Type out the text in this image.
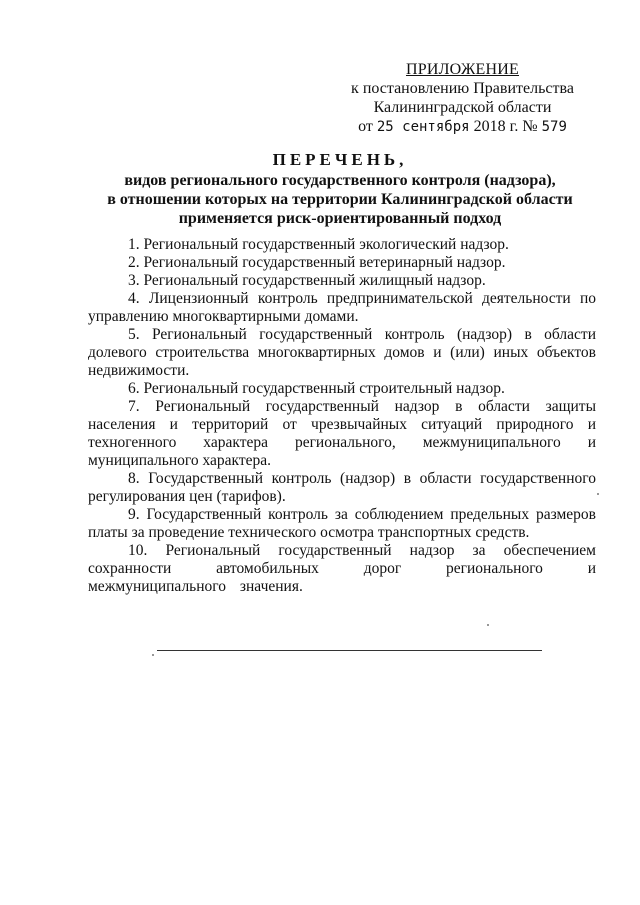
ПРИЛОЖЕНИЕ
к постановлению Правительства
Калининградской области
от 25 сентября 2018 г. № 579
ПЕРЕЧЕНЬ,
видов регионального государственного контроля (надзора),
в отношении которых на территории Калининградской области
применяется риск-ориентированный подход
1. Региональный государственный экологический надзор.
2. Региональный государственный ветеринарный надзор.
3. Региональный государственный жилищный надзор.
4. Лицензионный контроль предпринимательской деятельности по управлению многоквартирными домами.
5. Региональный государственный контроль (надзор) в области долевого строительства многоквартирных домов и (или) иных объектов недвижимости.
6. Региональный государственный строительный надзор.
7. Региональный государственный надзор в области защиты населения и территорий от чрезвычайных ситуаций природного и техногенного характера регионального, межмуниципального и муниципального характера.
8. Государственный контроль (надзор) в области государственного регулирования цен (тарифов).
9. Государственный контроль за соблюдением предельных размеров платы за проведение технического осмотра транспортных средств.
10. Региональный государственный надзор за обеспечением сохранности автомобильных дорог регионального и межмуниципального значения.
